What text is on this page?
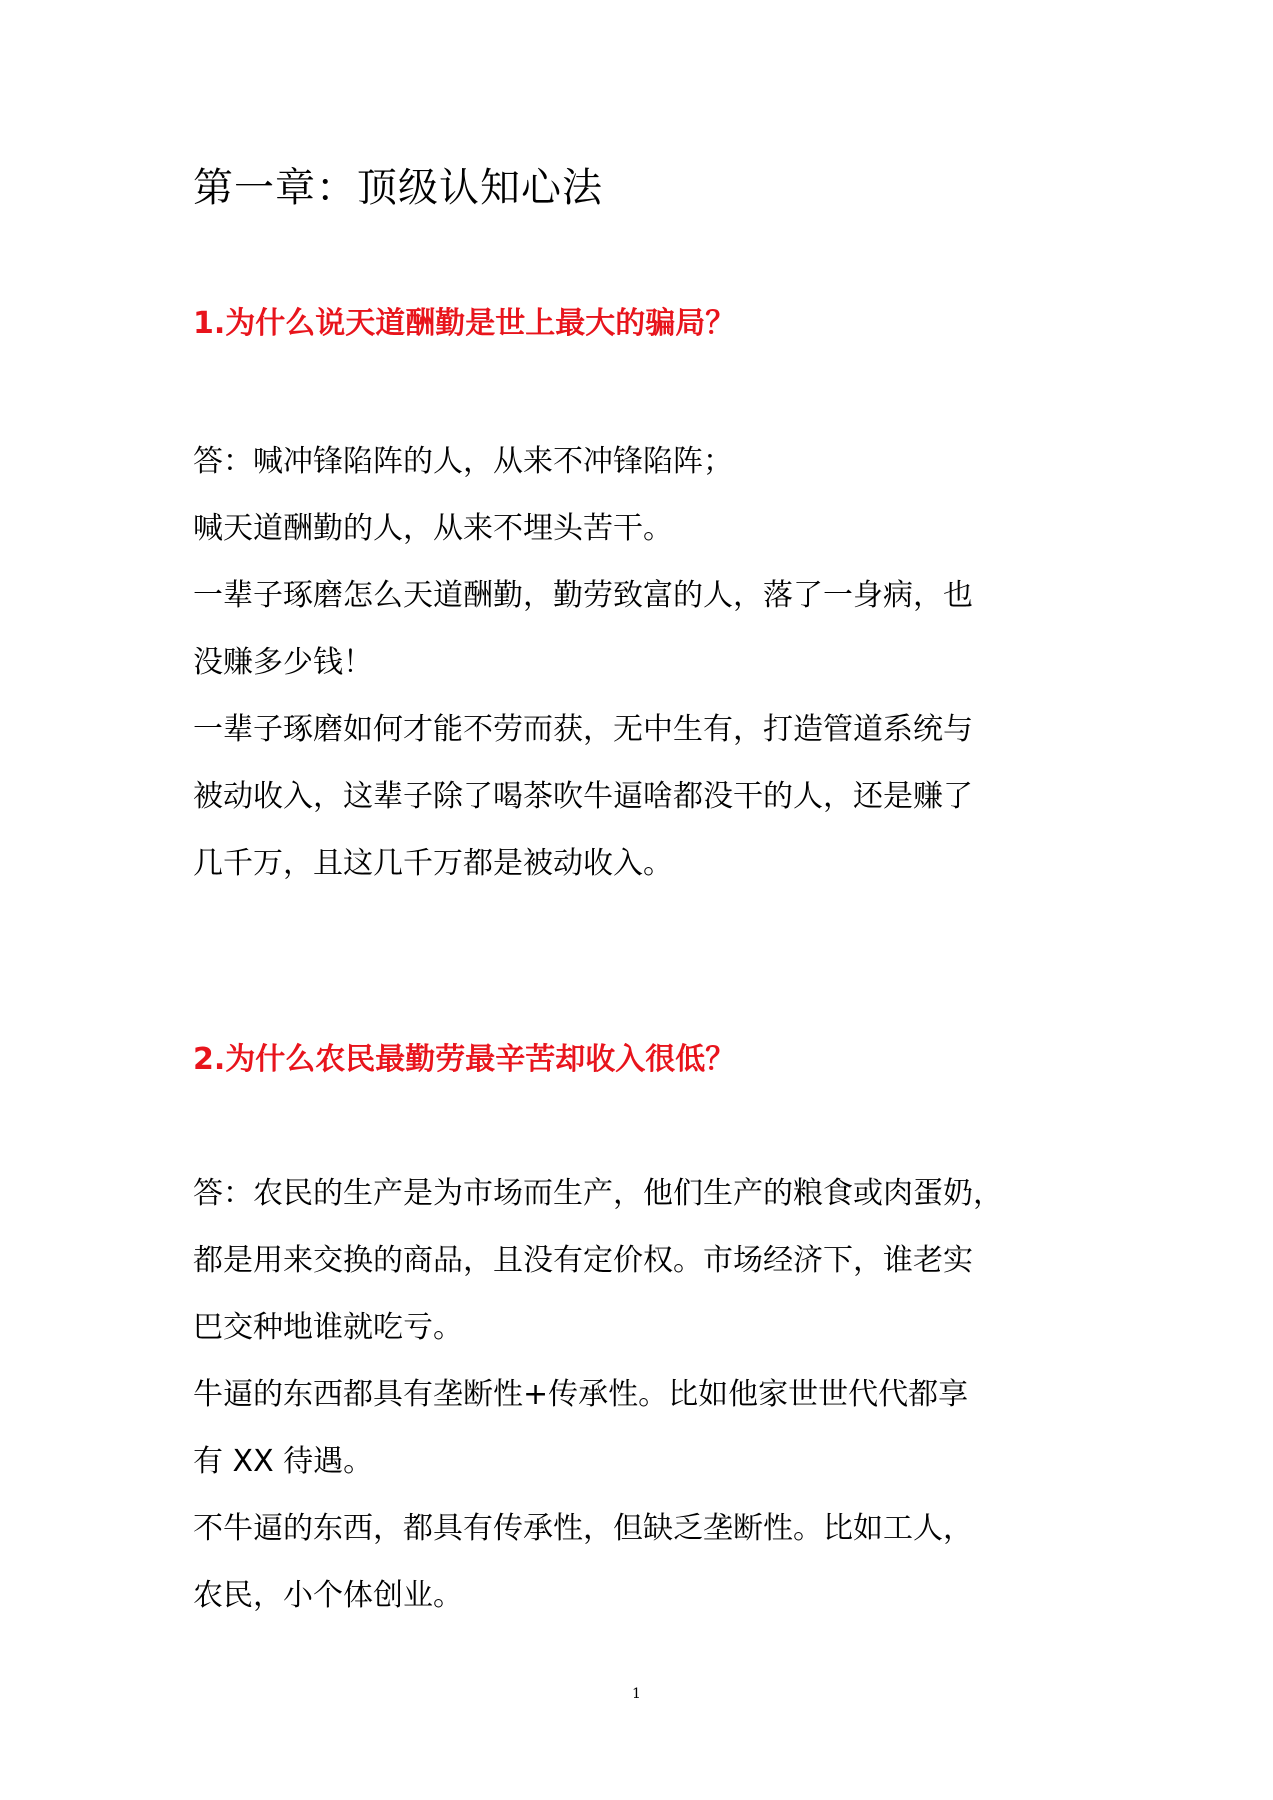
第一章：顶级认知心法
1.为什么说天道酬勤是世上最大的骗局？
答：喊冲锋陷阵的人，从来不冲锋陷阵；
喊天道酬勤的人，从来不埋头苦干。
一辈子琢磨怎么天道酬勤，勤劳致富的人，落了一身病，也
没赚多少钱！
一辈子琢磨如何才能不劳而获，无中生有，打造管道系统与
被动收入，这辈子除了喝茶吹牛逼啥都没干的人，还是赚了
几千万，且这几千万都是被动收入。
2.为什么农民最勤劳最辛苦却收入很低？
答：农民的生产是为市场而生产，他们生产的粮食或肉蛋奶，
都是用来交换的商品，且没有定价权。市场经济下，谁老实
巴交种地谁就吃亏。
牛逼的东西都具有垄断性+传承性。比如他家世世代代都享
有 XX 待遇。
不牛逼的东西，都具有传承性，但缺乏垄断性。比如工人，
农民，小个体创业。
1
